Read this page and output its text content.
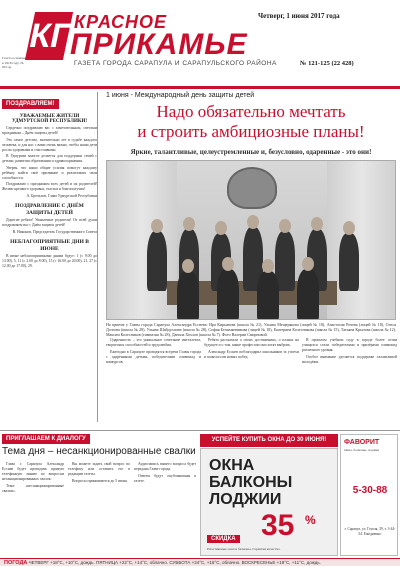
КП
КРАСНОЕ
ПРИКАМЬЕ
Четверг, 1 июня 2017 года
ГАЗЕТА ГОРОДА САРАПУЛА И САРАПУЛЬСКОГО РАЙОНА	№ 121-125 (22 428)
Газета основана в 1918 году. № 90 год
ПОЗДРАВЛЯЕМ!
УВАЖАЕМЫЕ ЖИТЕЛИ УДМУРТСКОЙ РЕСПУБЛИКИ!

Сердечно поздравляю вас с замечательным, светлым праздником – Днём защиты детей!

Это самое детство, значительно лет в судьбе каждого человека, и для нас с вами очень важно, чтобы наши дети росли здоровыми и счастливыми.

В Удмуртии многое делается для поддержки семей с детьми, развития образования и здравоохранения.

Уверен, что наши общие усилия помогут каждому ребёнку найти своё призвание и реализовать свои способности.

Поздравляю с праздником всех детей и их родителей! Желаю крепкого здоровья, счастья и благополучия!

А. Бречалов, Глава Удмуртской Республики
ПОЗДРАВЛЕНИЕ С ДНЁМ ЗАЩИТЫ ДЕТЕЙ

Дорогие ребята! Уважаемые родители! От всей души поздравляем вас с Днём защиты детей!

В. Никонов, Председатель Государственного Совета
НЕБЛАГОПРИЯТНЫЕ ДНИ В ИЮНЕ

В июне неблагоприятными днями будут: 1 (с 9.00 до 13.00), 5, 11 (с 2.00 до 8.00), 15 (с 16.00 до 20.00), 21, 27 (с 12.00 до 17.00), 29.

1 июня - Международный день защиты детей
Надо обязательно мечтать
и строить амбициозные планы!
Яркие, талантливые, целеустремленные и, безусловно, одаренные - это они!
На приеме у Главы города Сарапула Александра Есснева: Ира Кирьянова (школа № 21), Ульяна Мещерякова (лицей № 18), Анастасия Рочева (лицей № 18), Олеся Долгова (школа № 28), Ульяна Шайдуллина (школа № 28), София Безымянникова (лицей № 18), Екатерина Колесникова (школа № 15), Татьяна Крылова (школа № 12), Максим Колесников (гимназия № 28), Данила Хохлов (школа № 7). Фото Валерии Смирновой.

Одаренность – это уникальное сочетание интеллекта, творческих способностей и трудолюбия.

Ежегодно в Сарапуле проводятся встречи Главы города с одарёнными детьми, победителями олимпиад и конкурсов.

Ребята рассказали о своих достижениях, о планах на будущее и о том, какие профессии они хотят выбрать.

Александр Есснев поблагодарил школьников за успехи и пожелал им новых побед.

В прошлом учебном году в городе более сотни учащихся стали победителями и призёрами олимпиад различного уровня.

Особое внимание уделяется поддержке талантливой молодёжи.

ПРИГЛАШАЕМ К ДИАЛОГУ
Тема дня – несанкционированные свалки

Глава г. Сарапула Александр Есснев будет проводить прямую телефонную линию по вопросам несанкционированных свалок.

Тема: «несанкционированные свалки».

Вы можете задать свой вопрос по телефону или оставить его в редакции газеты.

Вопросы принимаются до 5 июня.

Аудиозапись вашего вопроса будет передана Главе города.

Ответы будут опубликованы в газете.

УСПЕЙТЕ КУПИТЬ ОКНА ДО 30 ИЮНЯ!
ОКНА
БАЛКОНЫ
ЛОДЖИИ
35 %
СКИДКА
Пластиковые окна и балконы. Гарантия качества.
ФАВОРИТ
Окна, балконы, лоджии
5-30-88
г. Сарапул, ул. Гоголя, 39, т. 3-44-54. Ежедневно.
ПОГОДА ЧЕТВЕРГ +18°С, +10°С, дождь. ПЯТНИЦА +22°С, +14°С, облачно. СУББОТА +24°С, +16°С, облачно. ВОСКРЕСЕНЬЕ +19°С, +11°С, дождь.
